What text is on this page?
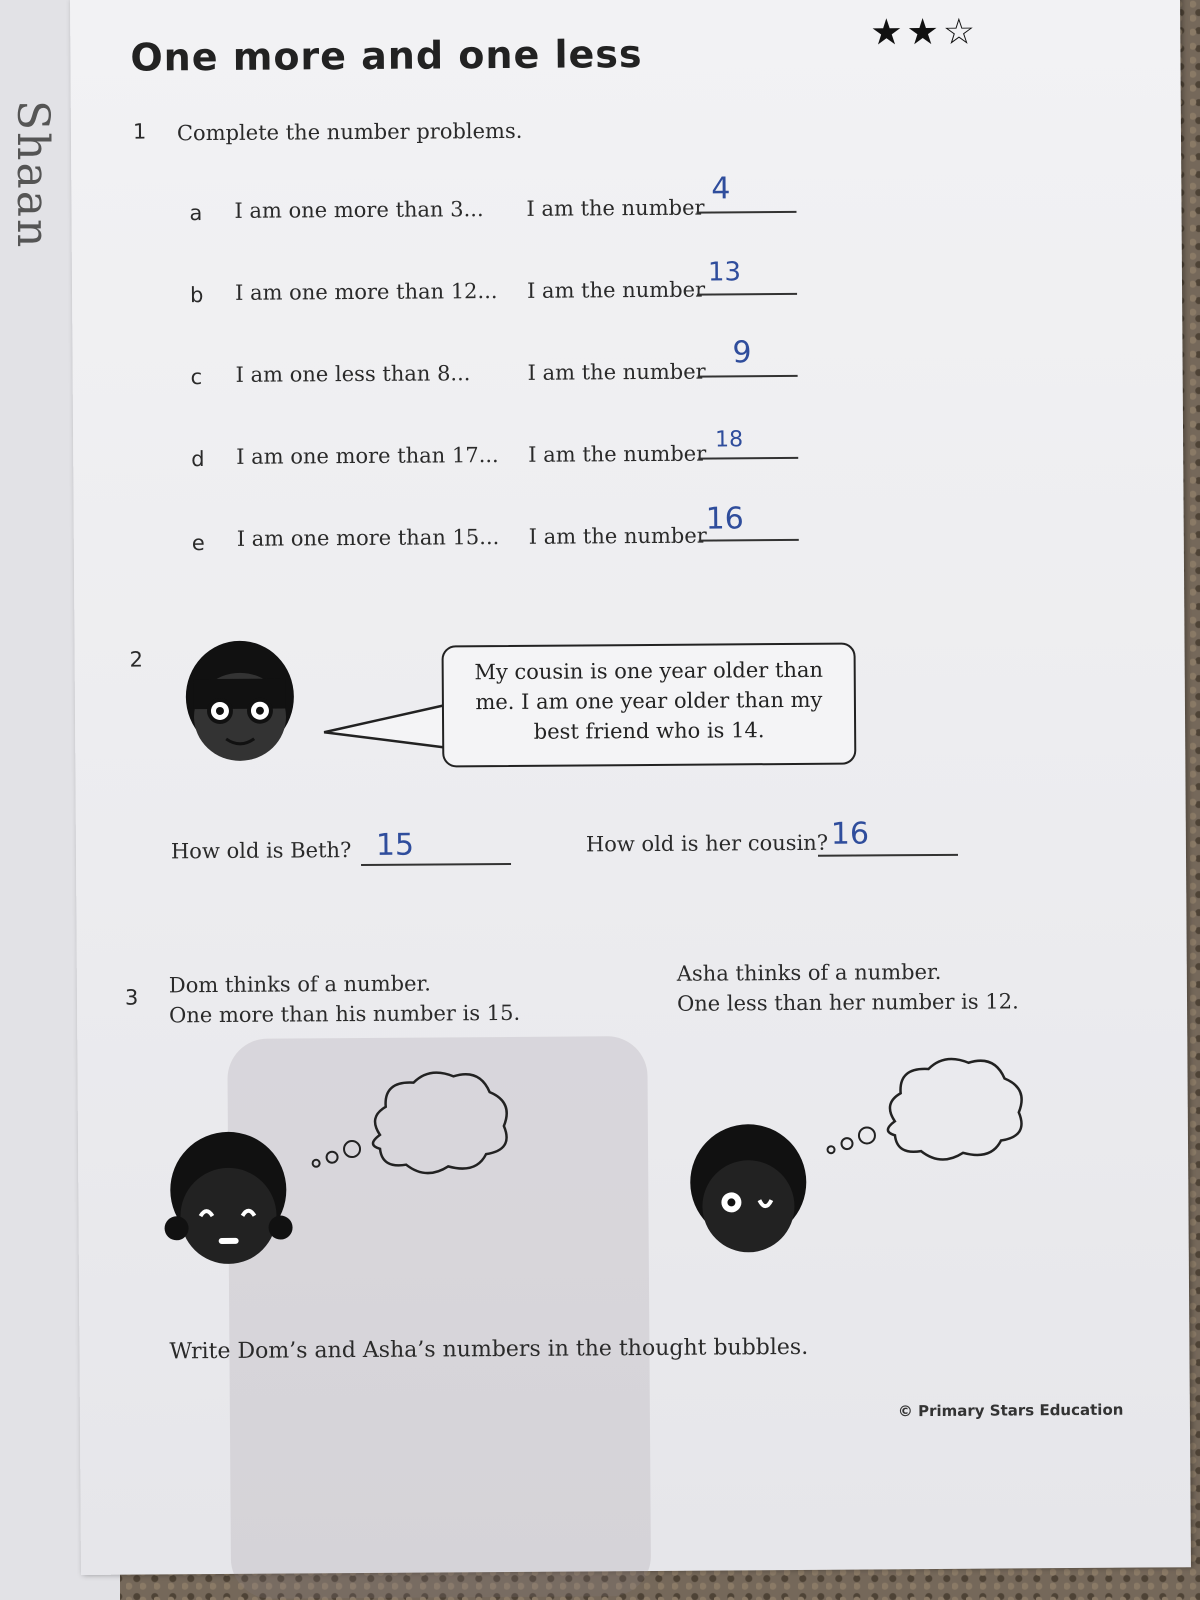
Shaan
One more and one less	★★☆
1 Complete the number problems.
a I am one more than 3... I am the number
4
b I am one more than 12... I am the number
13
c I am one less than 8...	I am the number
9
d I am one more than 17... I am the number
18
e I am one more than 15... I am the number
16
2	My cousin is one year older than
me. I am one year older than my
best friend who is 14.
How old is Beth? 15	How old is her cousin? 16
3
Dom thinks of a number.
One more than his number is 15.
Asha thinks of a number.
One less than her number is 12.
Write Dom’s and Asha’s numbers in the thought bubbles.
© Primary Stars Education
